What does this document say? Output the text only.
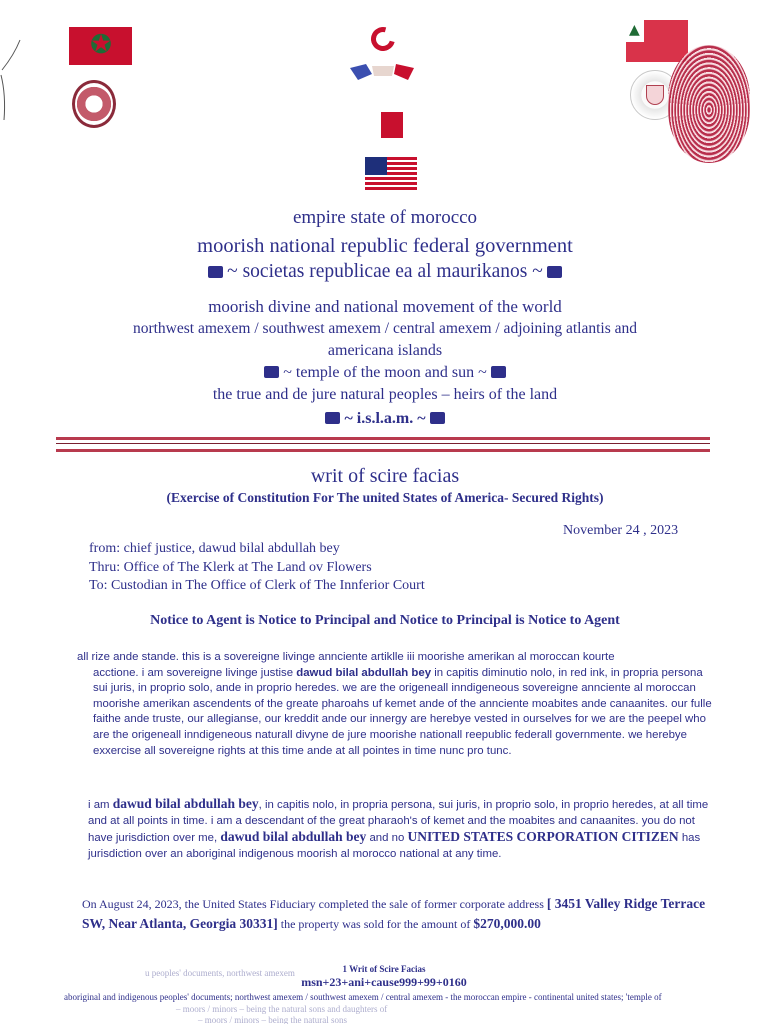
✪	▲
empire state of morocco
moorish national republic federal government
~ societas republicae ea al maurikanos ~
moorish divine and national movement of the world
northwest amexem / southwest amexem / central amexem / adjoining atlantis and
americana islands
~ temple of the moon and sun ~
the true and de jure natural peoples – heirs of the land
~ i.s.l.a.m. ~
writ of scire facias
(Exercise of Constitution For The united States of America- Secured Rights)
November 24 , 2023
from: chief justice, dawud bilal abdullah bey
Thru: Office of The Klerk at The Land ov Flowers
To: Custodian in The Office of Clerk of The Innferior Court
Notice to Agent is Notice to Principal and Notice to Principal is Notice to Agent
all rize ande stande. this is a sovereigne livinge annciente artiklle iii moorishe amerikan al moroccan kourte
acctione. i am sovereigne livinge justise dawud bilal abdullah bey in capitis diminutio nolo, in red ink, in propria persona sui juris, in proprio solo, ande in proprio heredes. we are the origeneall inndigeneous sovereigne annciente al moroccan moorishe amerikan ascendents of the greate pharoahs uf kemet ande of the annciente moabites ande canaanites. our fulle faithe ande truste, our allegianse, our kreddit ande our innergy are herebye vested in ourselves for we are the peepel who are the origeneall inndigeneous naturall divyne de jure moorishe nationall reepublic federall governmente. we herebye exxercise all sovereigne rights at this time ande at all pointes in time nunc pro tunc.
i am dawud bilal abdullah bey, in capitis nolo, in propria persona, sui juris, in proprio solo, in proprio heredes, at all time and at all points in time. i am a descendant of the great pharaoh's of kemet and the moabites and canaanites. you do not have jurisdiction over me, dawud bilal abdullah bey and no UNITED STATES CORPORATION CITIZEN has jurisdiction over an aboriginal indigenous moorish al morocco national at any time.
On August 24, 2023, the United States Fiduciary completed the sale of former corporate address [ 3451 Valley Ridge Terrace SW, Near Atlanta, Georgia 30331] the property was sold for the amount of $270,000.00
u peoples' documents, northwest amexem	1 Writ of Scire Facias
msn+23+ani+cause999+99+0160
aboriginal and indigenous peoples' documents; northwest amexem / southwest amexem / central amexem - the moroccan empire - continental united states; 'temple of
– moors / minors – being the natural sons and daughters of
– moors / minors – being the natural sons
